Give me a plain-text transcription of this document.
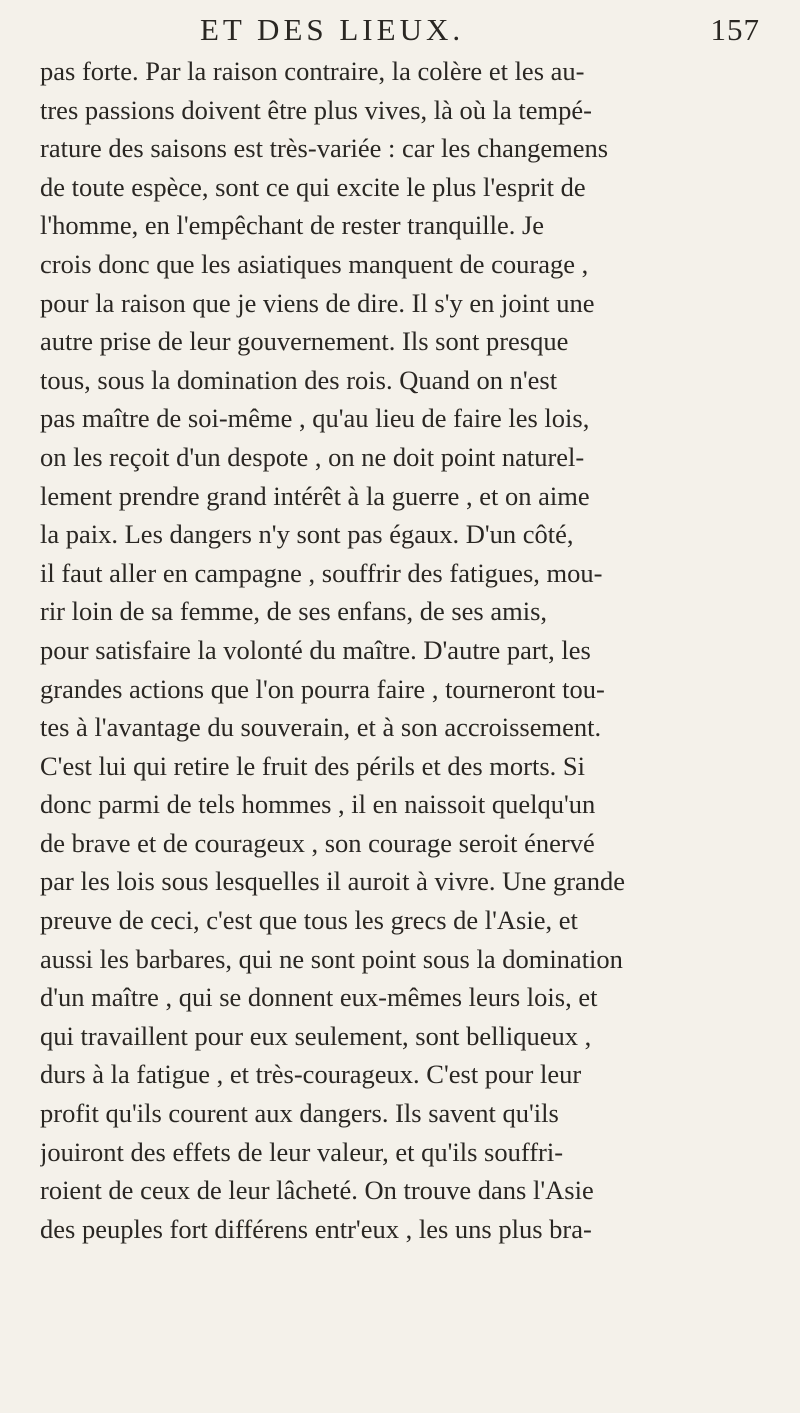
ET DES LIEUX.	157
pas forte. Par la raison contraire, la colère et les au-
tres passions doivent être plus vives, là où la tempé-
rature des saisons est très-variée : car les changemens
de toute espèce, sont ce qui excite le plus l'esprit de
l'homme, en l'empêchant de rester tranquille. Je
crois donc que les asiatiques manquent de courage ,
pour la raison que je viens de dire. Il s'y en joint une
autre prise de leur gouvernement. Ils sont presque
tous, sous la domination des rois. Quand on n'est
pas maître de soi-même , qu'au lieu de faire les lois,
on les reçoit d'un despote , on ne doit point naturel-
lement prendre grand intérêt à la guerre , et on aime
la paix. Les dangers n'y sont pas égaux. D'un côté,
il faut aller en campagne , souffrir des fatigues, mou-
rir loin de sa femme, de ses enfans, de ses amis,
pour satisfaire la volonté du maître. D'autre part, les
grandes actions que l'on pourra faire , tourneront tou-
tes à l'avantage du souverain, et à son accroissement.
C'est lui qui retire le fruit des périls et des morts. Si
donc parmi de tels hommes , il en naissoit quelqu'un
de brave et de courageux , son courage seroit énervé
par les lois sous lesquelles il auroit à vivre. Une grande
preuve de ceci, c'est que tous les grecs de l'Asie, et
aussi les barbares, qui ne sont point sous la domination
d'un maître , qui se donnent eux-mêmes leurs lois, et
qui travaillent pour eux seulement, sont belliqueux ,
durs à la fatigue , et très-courageux. C'est pour leur
profit qu'ils courent aux dangers. Ils savent qu'ils
jouiront des effets de leur valeur, et qu'ils souffri-
roient de ceux de leur lâcheté. On trouve dans l'Asie
des peuples fort différens entr'eux , les uns plus bra-
